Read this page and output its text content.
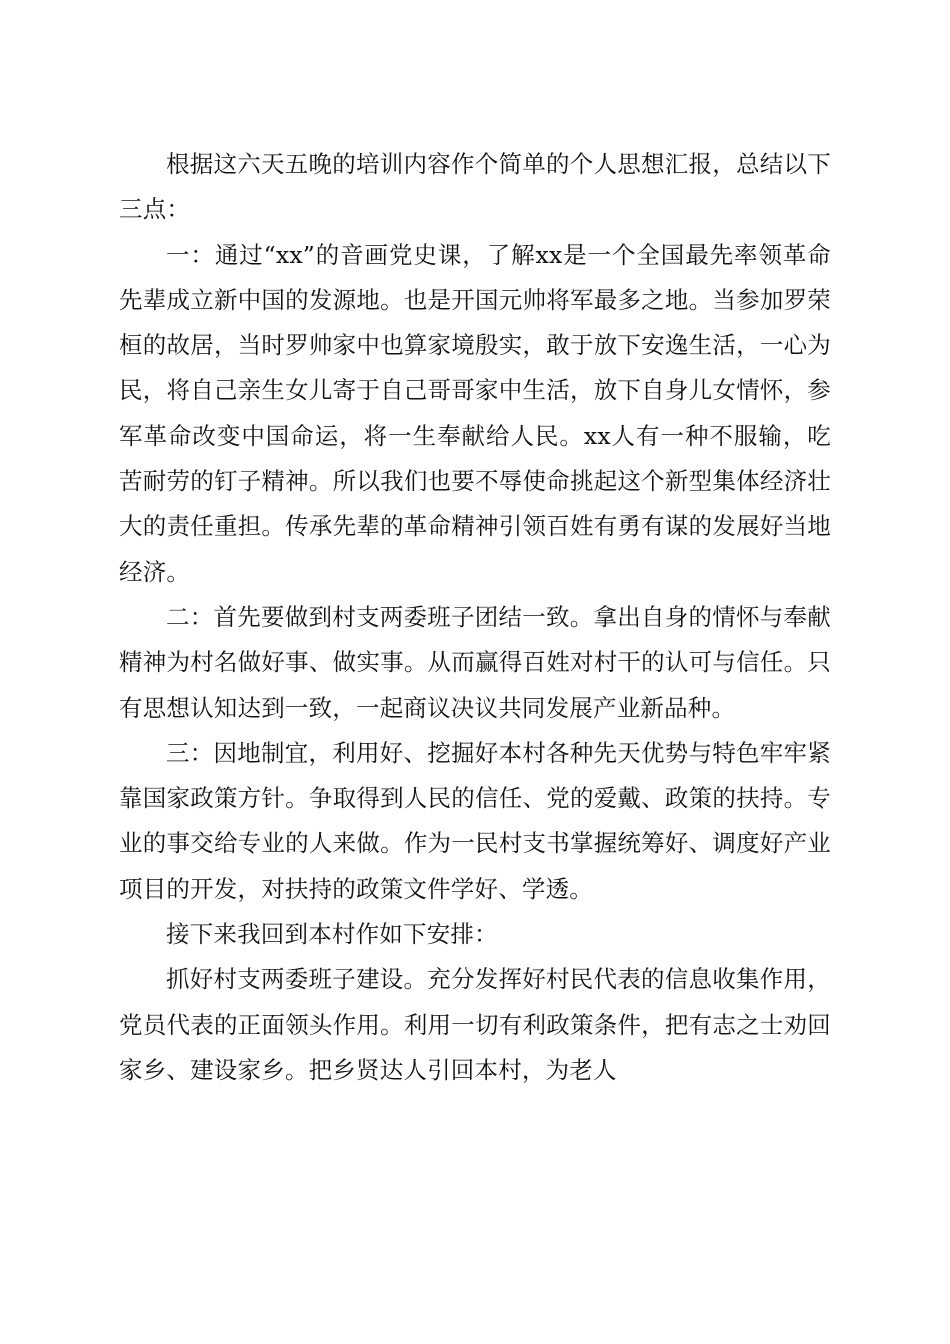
根据这六天五晚的培训内容作个简单的个人思想汇报，总结以下三点：

一：通过“xx”的音画党史课，了解xx是一个全国最先率领革命先辈成立新中国的发源地。也是开国元帅将军最多之地。当参加罗荣桓的故居，当时罗帅家中也算家境殷实，敢于放下安逸生活，一心为民，将自己亲生女儿寄于自己哥哥家中生活，放下自身儿女情怀，参军革命改变中国命运，将一生奉献给人民。xx人有一种不服输，吃苦耐劳的钉子精神。所以我们也要不辱使命挑起这个新型集体经济壮大的责任重担。传承先辈的革命精神引领百姓有勇有谋的发展好当地经济。

二：首先要做到村支两委班子团结一致。拿出自身的情怀与奉献精神为村名做好事、做实事。从而赢得百姓对村干的认可与信任。只有思想认知达到一致，一起商议决议共同发展产业新品种。

三：因地制宜，利用好、挖掘好本村各种先天优势与特色牢牢紧靠国家政策方针。争取得到人民的信任、党的爱戴、政策的扶持。专业的事交给专业的人来做。作为一民村支书掌握统筹好、调度好产业项目的开发，对扶持的政策文件学好、学透。

接下来我回到本村作如下安排：

抓好村支两委班子建设。充分发挥好村民代表的信息收集作用，党员代表的正面领头作用。利用一切有利政策条件，把有志之士劝回家乡、建设家乡。把乡贤达人引回本村，为老人
